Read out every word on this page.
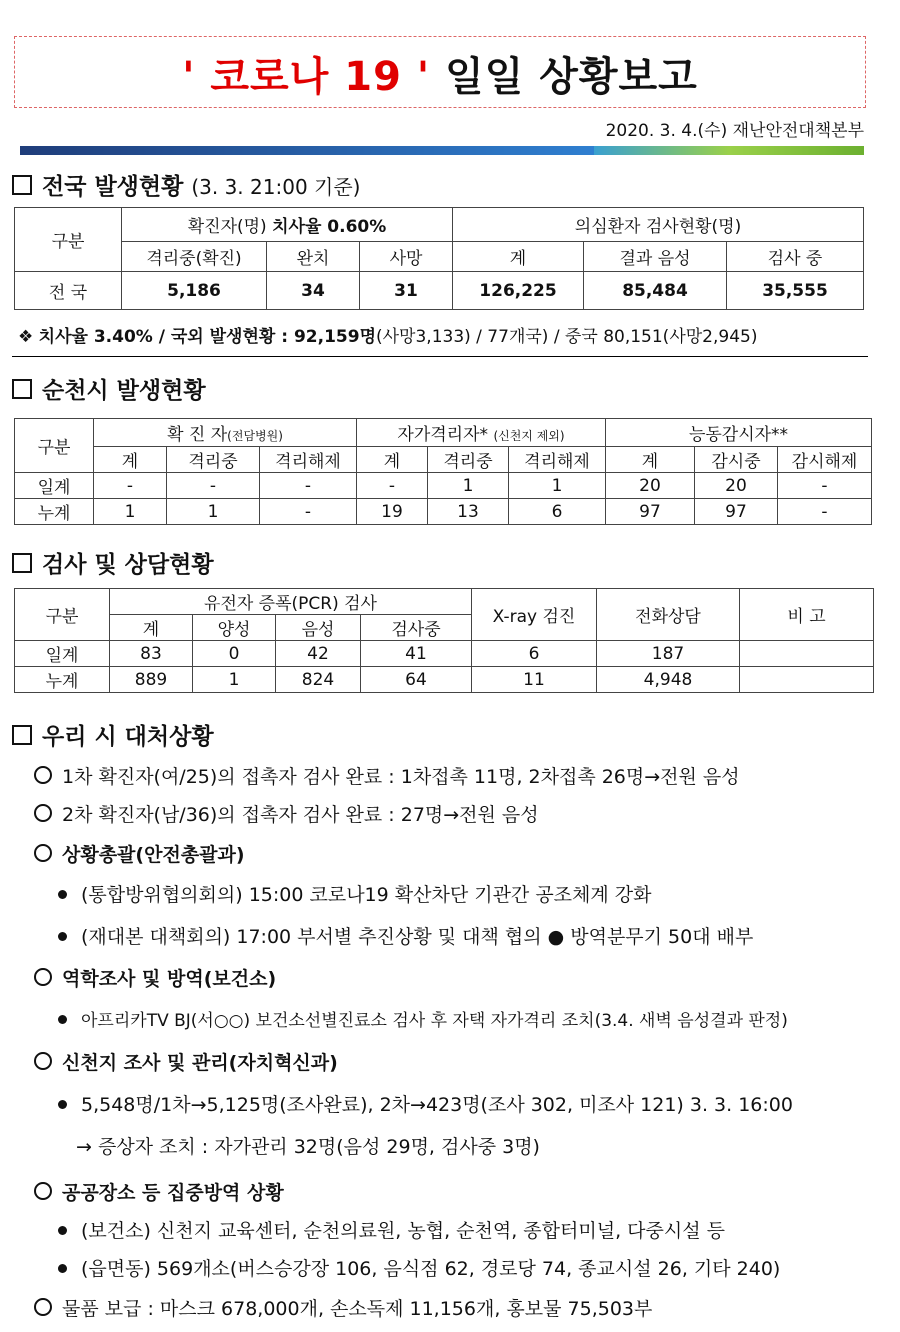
' 코로나 19 ' 일일 상황보고
2020. 3. 4.(수) 재난안전대책본부
전국 발생현황 (3. 3. 21:00 기준)
구분	확진자(명) 치사율 0.60%			의심환자 검사현황(명)		
	격리중(확진)	완치	사망	계	결과 음성	검사 중
전 국	5,186	34	31	126,225	85,484	35,555
❖ 치사율 3.40% / 국외 발생현황 : 92,159명(사망3,133) / 77개국) / 중국 80,151(사망2,945)
순천시 발생현황
구분	확 진 자(전담병원)			자가격리자* (신천지 제외)			능동감시자**		
	계	격리중	격리해제	계	격리중	격리해제	계	감시중	감시해제
일계	-	-	-	-	1	1	20	20	-
누계	1	1	-	19	13	6	97	97	-
검사 및 상담현황
구분	유전자 증폭(PCR) 검사				X-ray 검진	전화상담	비 고
	계	양성	음성	검사중			
일계	83	0	42	41	6	187	
누계	889	1	824	64	11	4,948	
우리 시 대처상황
1차 확진자(여/25)의 접촉자 검사 완료 : 1차접촉 11명, 2차접촉 26명→전원 음성
2차 확진자(남/36)의 접촉자 검사 완료 : 27명→전원 음성
상황총괄(안전총괄과)
(통합방위협의회의) 15:00 코로나19 확산차단 기관간 공조체계 강화
(재대본 대책회의) 17:00 부서별 추진상황 및 대책 협의 ● 방역분무기 50대 배부
역학조사 및 방역(보건소)
아프리카TV BJ(서○○) 보건소선별진료소 검사 후 자택 자가격리 조치(3.4. 새벽 음성결과 판정)
신천지 조사 및 관리(자치혁신과)
5,548명/1차→5,125명(조사완료), 2차→423명(조사 302, 미조사 121) 3. 3. 16:00
→ 증상자 조치 : 자가관리 32명(음성 29명, 검사중 3명)
공공장소 등 집중방역 상황
(보건소) 신천지 교육센터, 순천의료원, 농협, 순천역, 종합터미널, 다중시설 등
(읍면동) 569개소(버스승강장 106, 음식점 62, 경로당 74, 종교시설 26, 기타 240)
물품 보급 : 마스크 678,000개, 손소독제 11,156개, 홍보물 75,503부
